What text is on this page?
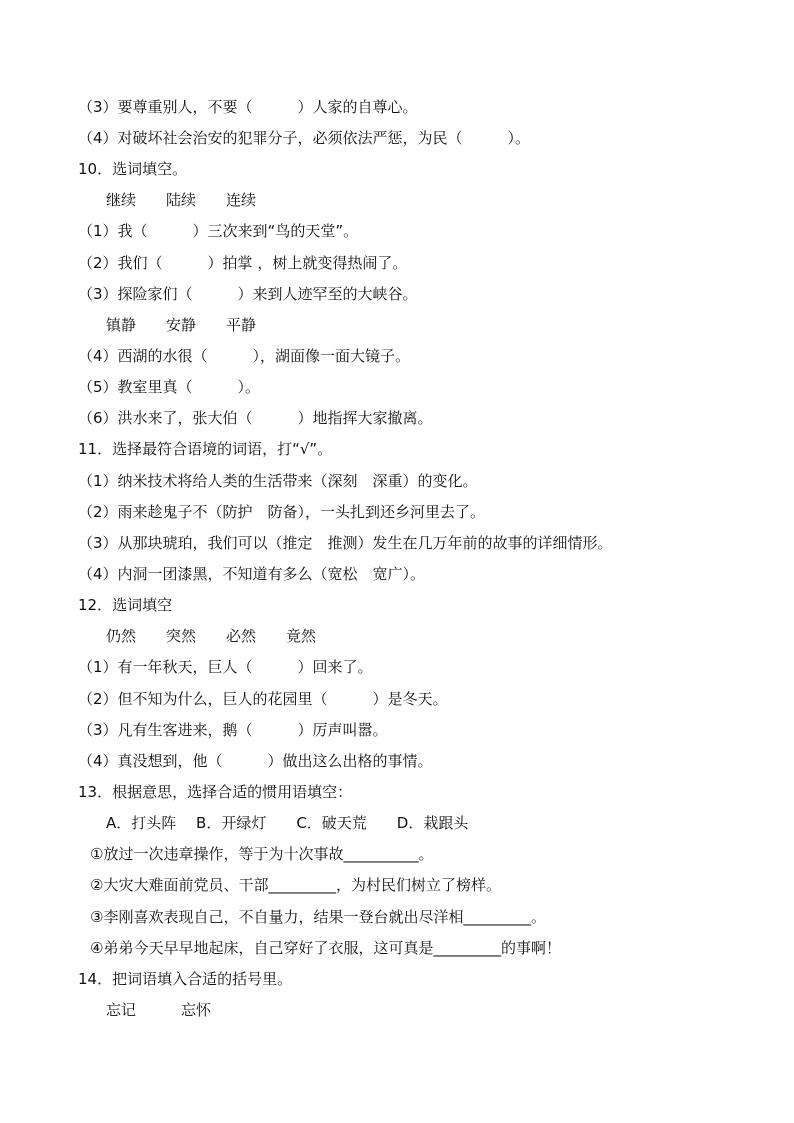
（3）要尊重别人，不要（　　　）人家的自尊心。
（4）对破坏社会治安的犯罪分子，必须依法严惩，为民（　　　）。
10．选词填空。
继续　　陆续　　连续
（1）我（　　　）三次来到“鸟的天堂”。
（2）我们（　　　）拍掌 ，树上就变得热闹了。
（3）探险家们（　　　）来到人迹罕至的大峡谷。
镇静　　安静　　平静
（4）西湖的水很（　　　），湖面像一面大镜子。
（5）教室里真（　　　）。
（6）洪水来了，张大伯（　　　）地指挥大家撤离。
11．选择最符合语境的词语，打“√”。
（1）纳米技术将给人类的生活带来（深刻　深重）的变化。
（2）雨来趁鬼子不（防护　防备），一头扎到还乡河里去了。
（3）从那块琥珀，我们可以（推定　推测）发生在几万年前的故事的详细情形。
（4）内洞一团漆黑，不知道有多么（宽松　宽广）。
12．选词填空
仍然　　突然　　必然　　竟然
（1）有一年秋天，巨人（　　　）回来了。
（2）但不知为什么，巨人的花园里（　　　）是冬天。
（3）凡有生客进来，鹅（　　　）厉声叫嚣。
（4）真没想到，他（　　　）做出这么出格的事情。
13．根据意思，选择合适的惯用语填空：
A．打头阵　 B．开绿灯　　C．破天荒　　D．栽跟头
①放过一次违章操作，等于为十次事故__________。
②大灾大难面前党员、干部_________，为村民们树立了榜样。
③李刚喜欢表现自己，不自量力，结果一登台就出尽洋相_________。
④弟弟今天早早地起床，自己穿好了衣服，这可真是_________的事啊！
14．把词语填入合适的括号里。
忘记　　　忘怀
